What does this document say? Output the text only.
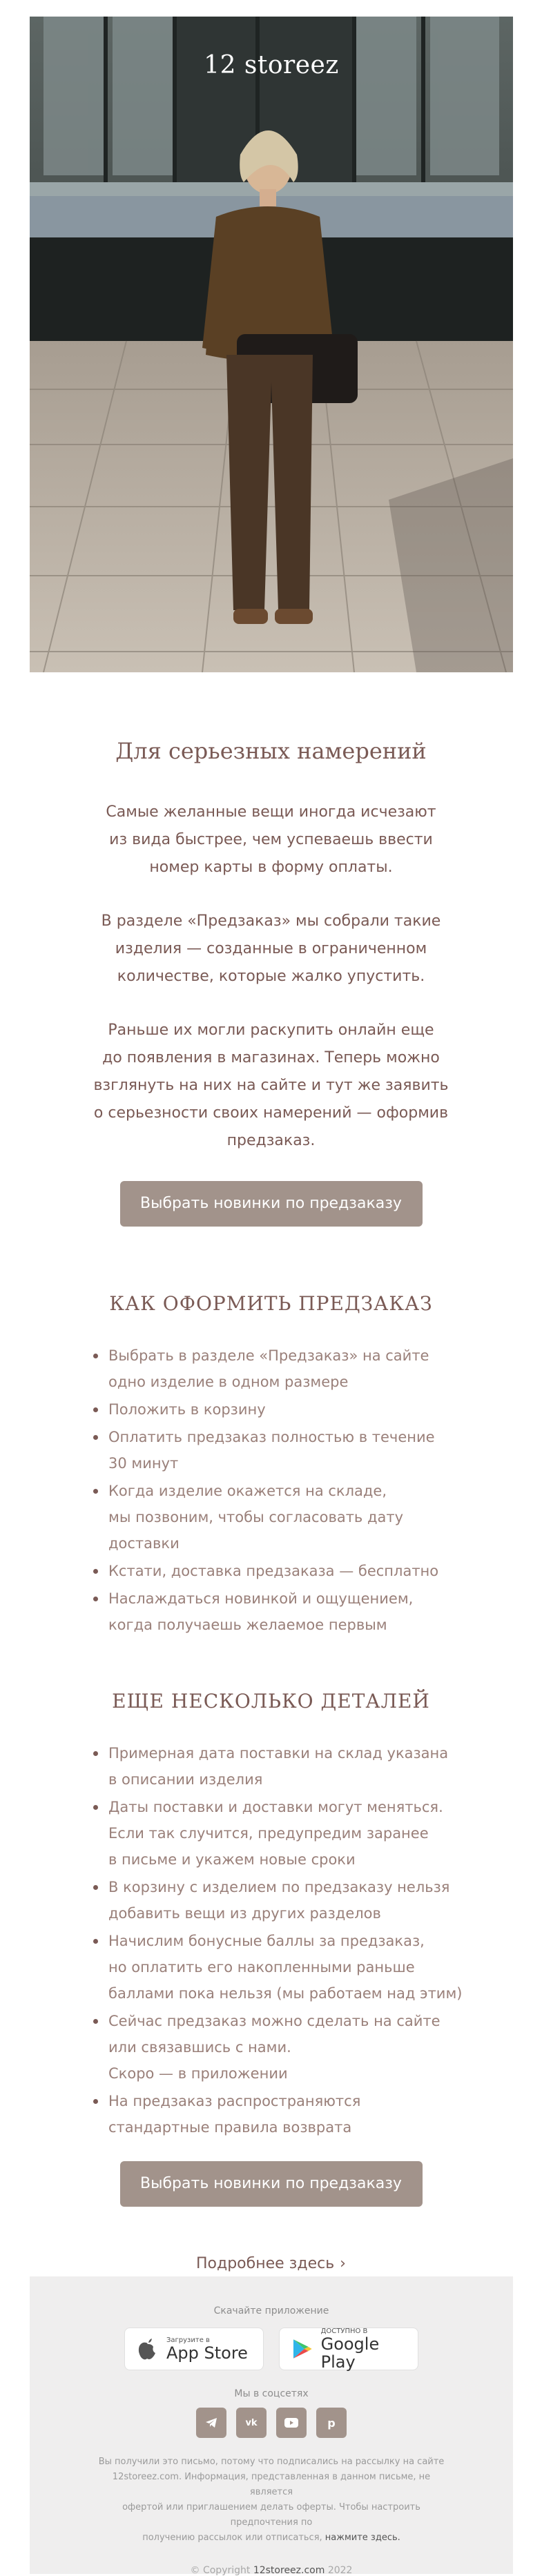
12 storeez
Для серьезных намерений
Самые желанные вещи иногда исчезают
из вида быстрее, чем успеваешь ввести
номер карты в форму оплаты.
В разделе «Предзаказ» мы собрали такие
изделия — созданные в ограниченном
количестве, которые жалко упустить.
Раньше их могли раскупить онлайн еще
до появления в магазинах. Теперь можно
взглянуть на них на сайте и тут же заявить
о серьезности своих намерений — оформив
предзаказ.
Выбрать новинки по предзаказу
КАК ОФОРМИТЬ ПРЕДЗАКАЗ
Выбрать в разделе «Предзаказ» на сайте
одно изделие в одном размере
Положить в корзину
Оплатить предзаказ полностью в течение
30 минут
Когда изделие окажется на складе,
мы позвоним, чтобы согласовать дату
доставки
Кстати, доставка предзаказа — бесплатно
Наслаждаться новинкой и ощущением,
когда получаешь желаемое первым
ЕЩЕ НЕСКОЛЬКО ДЕТАЛЕЙ
Примерная дата поставки на склад указана
в описании изделия
Даты поставки и доставки могут меняться.
Если так случится, предупредим заранее
в письме и укажем новые сроки
В корзину с изделием по предзаказу нельзя
добавить вещи из других разделов
Начислим бонусные баллы за предзаказ,
но оплатить его накопленными раньше
баллами пока нельзя (мы работаем над этим)
Сейчас предзаказ можно сделать на сайте
или связавшись с нами.
Скоро — в приложении
На предзаказ распространяются
стандартные правила возврата
Выбрать новинки по предзаказу
Подробнее здесь ›
Скачайте приложение
Загрузите в
App Store
ДОСТУПНО В
Google Play
Мы в соцсетях
vk	p
Вы получили это письмо, потому что подписались на рассылку на сайте
12storeez.com. Информация, представленная в данном письме, не является
офертой или приглашением делать оферты. Чтобы настроить предпочтения по
получению рассылок или отписаться, нажмите здесь.
© Copyright 12storeez.com 2022
